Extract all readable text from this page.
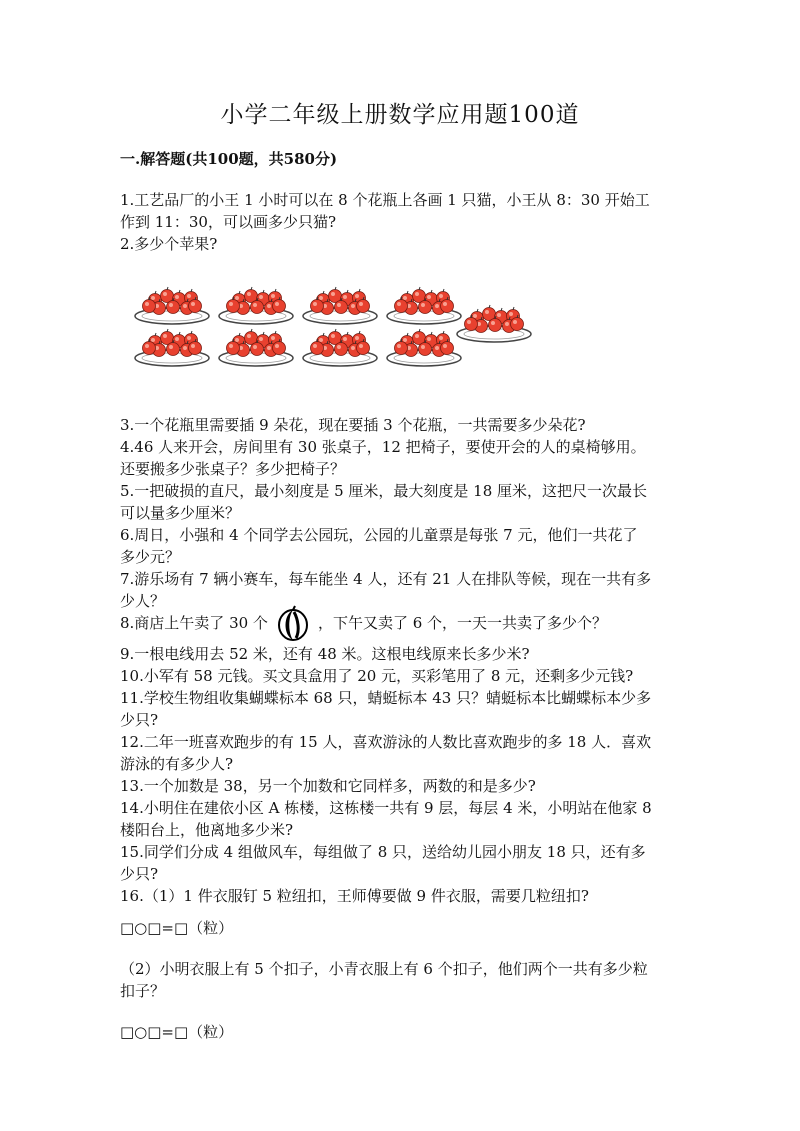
小学二年级上册数学应用题100道
一.解答题(共100题，共580分)
1.工艺品厂的小王 1 小时可以在 8 个花瓶上各画 1 只猫，小王从 8：30 开始工
作到 11：30，可以画多少只猫?
2.多少个苹果?
3.一个花瓶里需要插 9 朵花，现在要插 3 个花瓶，一共需要多少朵花?
4.46 人来开会，房间里有 30 张桌子，12 把椅子，要使开会的人的桌椅够用。
还要搬多少张桌子？多少把椅子？
5.一把破损的直尺，最小刻度是 5 厘米，最大刻度是 18 厘米，这把尺一次最长
可以量多少厘米？
6.周日，小强和 4 个同学去公园玩，公园的儿童票是每张 7 元，他们一共花了
多少元？
7.游乐场有 7 辆小赛车，每车能坐 4 人，还有 21 人在排队等候，现在一共有多
少人？
8.商店上午卖了 30 个	，下午又卖了 6 个，一天一共卖了多少个？
9.一根电线用去 52 米，还有 48 米。这根电线原来长多少米?
10.小军有 58 元钱。买文具盒用了 20 元，买彩笔用了 8 元，还剩多少元钱?
11.学校生物组收集蝴蝶标本 68 只，蜻蜓标本 43 只？蜻蜓标本比蝴蝶标本少多
少只?
12.二年一班喜欢跑步的有 15 人，喜欢游泳的人数比喜欢跑步的多 18 人．喜欢
游泳的有多少人?
13.一个加数是 38，另一个加数和它同样多，两数的和是多少?
14.小明住在建依小区 A 栋楼，这栋楼一共有 9 层，每层 4 米，小明站在他家 8
楼阳台上，他离地多少米?
15.同学们分成 4 组做风车，每组做了 8 只，送给幼儿园小朋友 18 只，还有多
少只?
16.（1）1 件衣服钉 5 粒纽扣，王师傅要做 9 件衣服，需要几粒纽扣?
□○□=□（粒）
（2）小明衣服上有 5 个扣子，小青衣服上有 6 个扣子，他们两个一共有多少粒
扣子？
□○□=□（粒）
